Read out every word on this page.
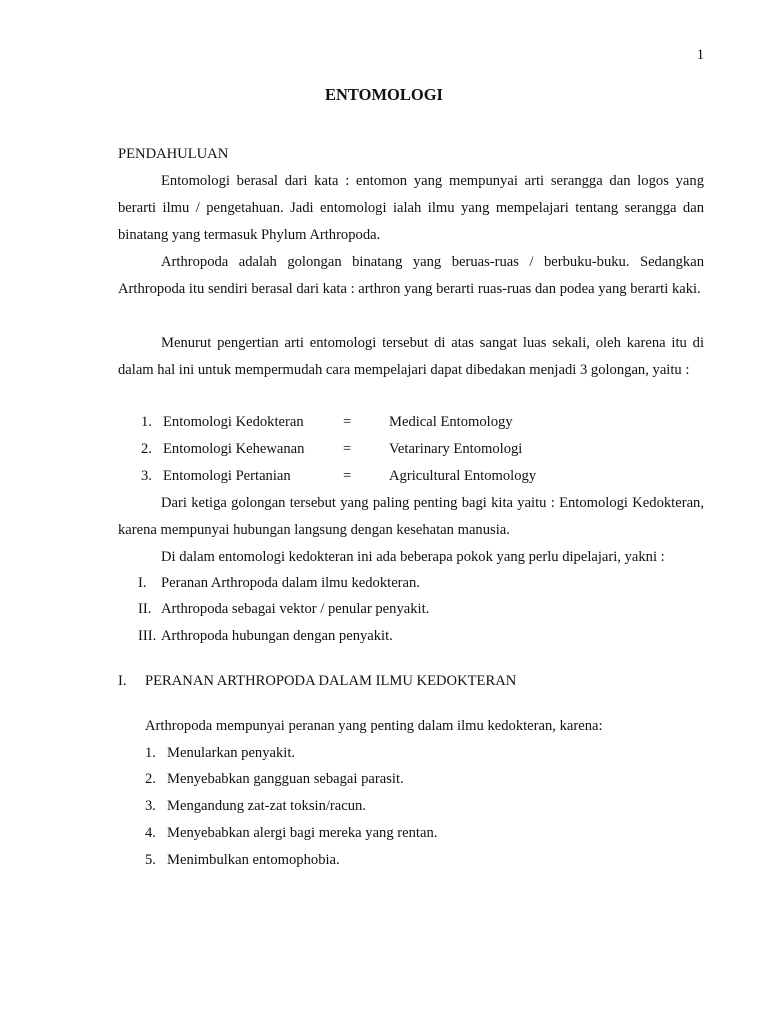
1
ENTOMOLOGI
PENDAHULUAN
Entomologi berasal dari kata : entomon yang mempunyai arti serangga dan logos yang berarti ilmu / pengetahuan. Jadi entomologi ialah ilmu yang mempelajari tentang serangga dan binatang yang termasuk Phylum Arthropoda.
Arthropoda adalah golongan binatang yang beruas-ruas / berbuku-buku. Sedangkan Arthropoda itu sendiri berasal dari kata : arthron yang berarti ruas-ruas dan podea yang berarti kaki.
Menurut pengertian arti entomologi tersebut di atas sangat luas sekali, oleh karena itu di dalam hal ini untuk mempermudah cara mempelajari dapat dibedakan menjadi 3 golongan, yaitu :
1. Entomologi Kedokteran	=	Medical Entomology
2. Entomologi Kehewanan	=	Vetarinary Entomologi
3. Entomologi Pertanian	=	Agricultural Entomology
Dari ketiga golongan tersebut yang paling penting bagi kita yaitu : Entomologi Kedokteran, karena mempunyai hubungan langsung dengan kesehatan manusia.
Di dalam entomologi kedokteran ini ada beberapa pokok yang perlu dipelajari, yakni :
I. Peranan Arthropoda dalam ilmu kedokteran.
II. Arthropoda sebagai vektor / penular penyakit.
III. Arthropoda hubungan dengan penyakit.
I. PERANAN ARTHROPODA DALAM ILMU KEDOKTERAN
Arthropoda mempunyai peranan yang penting dalam ilmu kedokteran, karena:
1. Menularkan penyakit.
2. Menyebabkan gangguan sebagai parasit.
3. Mengandung zat-zat toksin/racun.
4. Menyebabkan alergi bagi mereka yang rentan.
5. Menimbulkan entomophobia.
